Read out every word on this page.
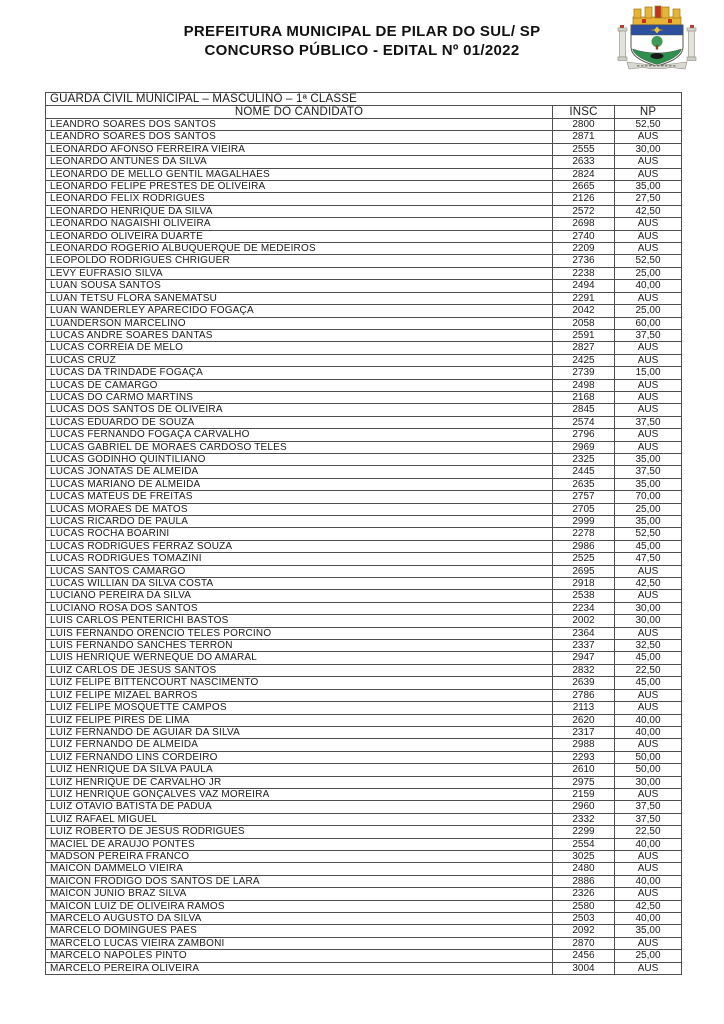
PREFEITURA MUNICIPAL DE PILAR DO SUL/ SP
CONCURSO PÚBLICO - EDITAL Nº 01/2022
GUARDA CIVIL MUNICIPAL – MASCULINO – 1ª CLASSE		
NOME DO CANDIDATO	INSC	NP
LEANDRO SOARES DOS SANTOS	2800	52,50
LEANDRO SOARES DOS SANTOS	2871	AUS
LEONARDO AFONSO FERREIRA VIEIRA	2555	30,00
LEONARDO ANTUNES DA SILVA	2633	AUS
LEONARDO DE MELLO GENTIL MAGALHÃES	2824	AUS
LEONARDO FELIPE PRESTES DE OLIVEIRA	2665	35,00
LEONARDO FELIX RODRIGUES	2126	27,50
LEONARDO HENRIQUE DA SILVA	2572	42,50
LEONARDO NAGAISHI OLIVEIRA	2698	AUS
LEONARDO OLIVEIRA DUARTE	2740	AUS
LEONARDO ROGERIO ALBUQUERQUE DE MEDEIROS	2209	AUS
LEOPOLDO RODRIGUES CHRIGUER	2736	52,50
LEVY EUFRASIO SILVA	2238	25,00
LUAN SOUSA SANTOS	2494	40,00
LUAN TETSU FLORA SANEMATSU	2291	AUS
LUAN WANDERLEY APARECIDO FOGAÇA	2042	25,00
LUANDERSON MARCELINO	2058	60,00
LUCAS ANDRE SOARES DANTAS	2591	37,50
LUCAS CORREIA DE MELO	2827	AUS
LUCAS CRUZ	2425	AUS
LUCAS DA TRINDADE FOGAÇA	2739	15,00
LUCAS DE CAMARGO	2498	AUS
LUCAS DO CARMO MARTINS	2168	AUS
LUCAS DOS SANTOS DE OLIVEIRA	2845	AUS
LUCAS EDUARDO DE SOUZA	2574	37,50
LUCAS FERNANDO FOGAÇA CARVALHO	2796	AUS
LUCAS GABRIEL DE MORAES CARDOSO TELES	2969	AUS
LUCAS GODINHO QUINTILIANO	2325	35,00
LUCAS JONATAS DE ALMEIDA	2445	37,50
LUCAS MARIANO DE ALMEIDA	2635	35,00
LUCAS MATEUS DE FREITAS	2757	70,00
LUCAS MORAES DE MATOS	2705	25,00
LUCAS RICARDO DE PAULA	2999	35,00
LUCAS ROCHA BOARINI	2278	52,50
LUCAS RODRIGUES FERRAZ SOUZA	2986	45,00
LUCAS RODRIGUES TOMAZINI	2525	47,50
LUCAS SANTOS CAMARGO	2695	AUS
LUCAS WILLIAN DA SILVA COSTA	2918	42,50
LUCIANO PEREIRA DA SILVA	2538	AUS
LUCIANO ROSA DOS SANTOS	2234	30,00
LUIS CARLOS PENTERICHI BASTOS	2002	30,00
LUIS FERNANDO ORENCIO TELES PORCINO	2364	AUS
LUIS FERNANDO SANCHES TERRON	2337	32,50
LUIS HENRIQUE WERNEQUE DO AMARAL	2947	45,00
LUIZ CARLOS DE JESUS SANTOS	2832	22,50
LUIZ FELIPE BITTENCOURT NASCIMENTO	2639	45,00
LUIZ FELIPE MIZAEL BARROS	2786	AUS
LUIZ FELIPE MOSQUETTE CAMPOS	2113	AUS
LUIZ FELIPE PIRES DE LIMA	2620	40,00
LUIZ FERNANDO DE AGUIAR DA SILVA	2317	40,00
LUIZ FERNANDO DE ALMEIDA	2988	AUS
LUIZ FERNANDO LINS CORDEIRO	2293	50,00
LUIZ HENRIQUE DA SILVA PAULA	2610	50,00
LUIZ HENRIQUE DE CARVALHO JR	2975	30,00
LUIZ HENRIQUE GONÇALVES VAZ MOREIRA	2159	AUS
LUIZ OTAVIO BATISTA DE PADUA	2960	37,50
LUIZ RAFAEL MIGUEL	2332	37,50
LUIZ ROBERTO DE JESUS RODRIGUES	2299	22,50
MACIEL DE ARAÚJO PONTES	2554	40,00
MADSON PEREIRA FRANCO	3025	AUS
MAICON DAMMELO VIEIRA	2480	AUS
MAICON FRODIGO DOS SANTOS DE LARA	2886	40,00
MAICON JUNIO BRAZ SILVA	2326	AUS
MAICON LUIZ DE OLIVEIRA RAMOS	2580	42,50
MARCELO AUGUSTO DA SILVA	2503	40,00
MARCELO DOMINGUES PAES	2092	35,00
MARCELO LUCAS VIEIRA ZAMBONI	2870	AUS
MARCELO NAPOLES PINTO	2456	25,00
MARCELO PEREIRA OLIVEIRA	3004	AUS
